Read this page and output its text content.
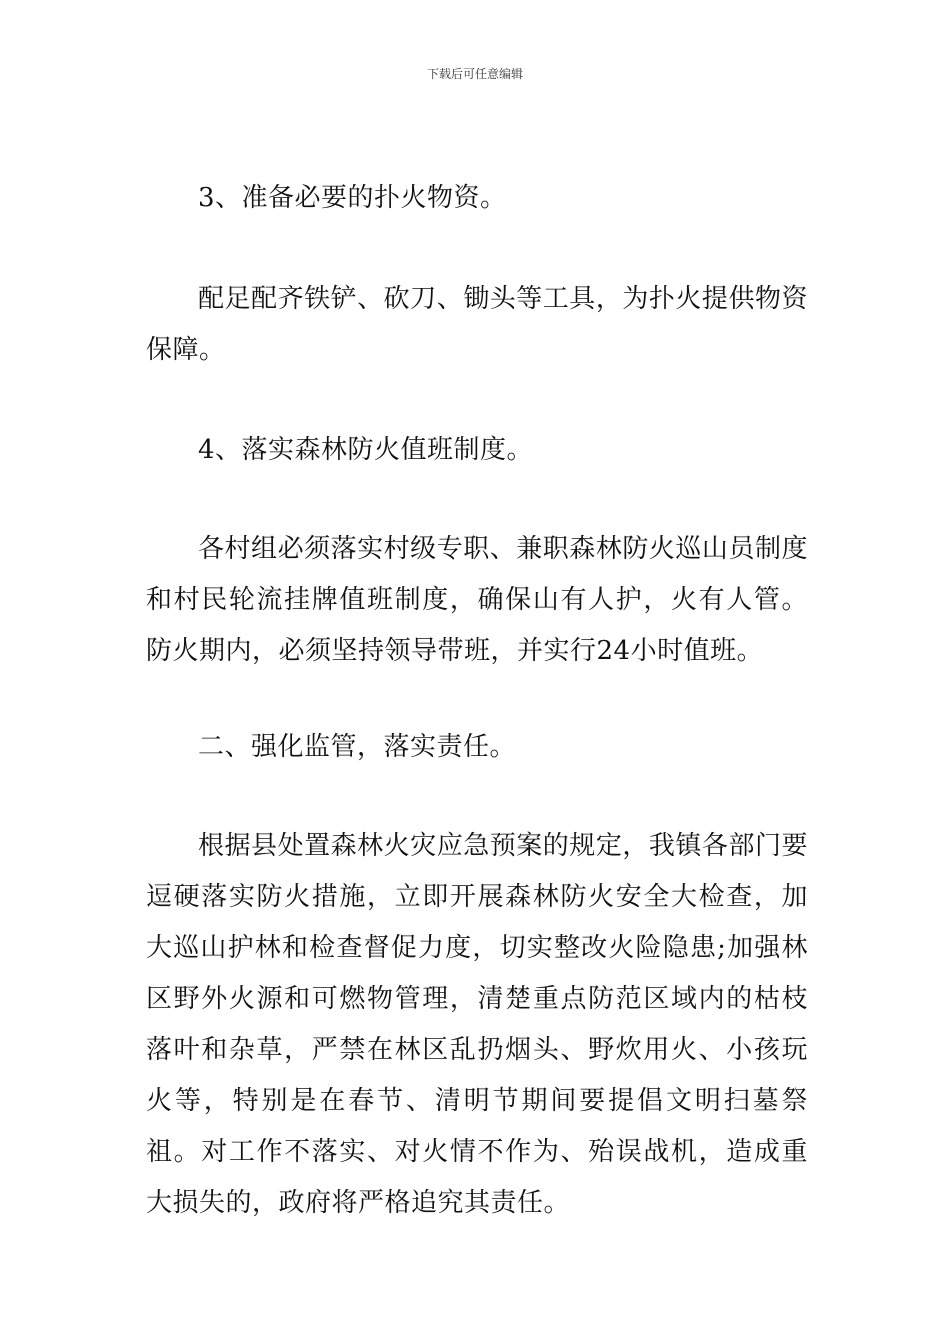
下载后可任意编辑

3、准备必要的扑火物资。

配足配齐铁铲、砍刀、锄头等工具，为扑火提供物资保障。

4、落实森林防火值班制度。

各村组必须落实村级专职、兼职森林防火巡山员制度和村民轮流挂牌值班制度，确保山有人护，火有人管。防火期内，必须坚持领导带班，并实行24小时值班。

二、强化监管，落实责任。

根据县处置森林火灾应急预案的规定，我镇各部门要逗硬落实防火措施，立即开展森林防火安全大检查，加大巡山护林和检查督促力度，切实整改火险隐患;加强林区野外火源和可燃物管理，清楚重点防范区域内的枯枝落叶和杂草，严禁在林区乱扔烟头、野炊用火、小孩玩火等，特别是在春节、清明节期间要提倡文明扫墓祭祖。对工作不落实、对火情不作为、殆误战机，造成重大损失的，政府将严格追究其责任。
